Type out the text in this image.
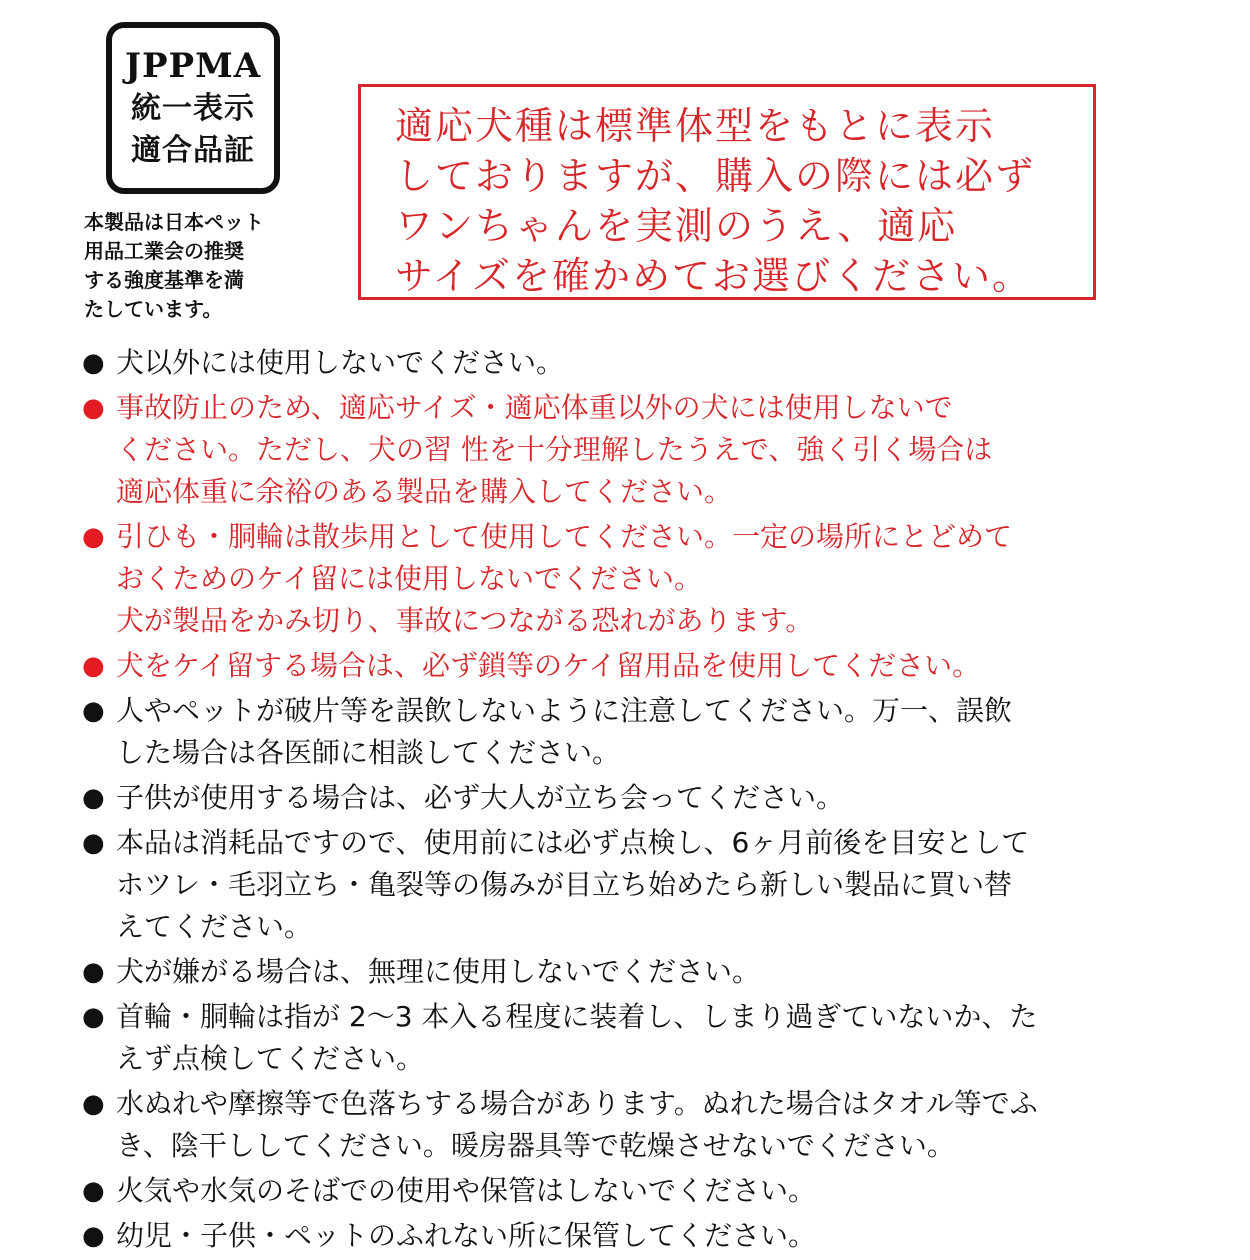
JPPMA
統一表示
適合品証
本製品は日本ペット
用品工業会の推奨
する強度基準を満
たしています。
適応犬種は標準体型をもとに表示
しておりますが、購入の際には必ず
ワンちゃんを実測のうえ、適応
サイズを確かめてお選びください。
● 犬以外には使用しないでください。
● 事故防止のため、適応サイズ・適応体重以外の犬には使用しないで
ください。ただし、犬の習 性を十分理解したうえで、強く引く場合は
適応体重に余裕のある製品を購入してください。
● 引ひも・胴輪は散歩用として使用してください。一定の場所にとどめて
おくためのケイ留には使用しないでください。
犬が製品をかみ切り、事故につながる恐れがあります。
● 犬をケイ留する場合は、必ず鎖等のケイ留用品を使用してください。
● 人やペットが破片等を誤飲しないように注意してください。万一、誤飲
した場合は各医師に相談してください。
● 子供が使用する場合は、必ず大人が立ち会ってください。
● 本品は消耗品ですので、使用前には必ず点検し、6ヶ月前後を目安として
ホツレ・毛羽立ち・亀裂等の傷みが目立ち始めたら新しい製品に買い替
えてください。
● 犬が嫌がる場合は、無理に使用しないでください。
● 首輪・胴輪は指が 2〜3 本入る程度に装着し、しまり過ぎていないか、た
えず点検してください。
● 水ぬれや摩擦等で色落ちする場合があります。ぬれた場合はタオル等でふ
き、陰干ししてください。暖房器具等で乾燥させないでください。
● 火気や水気のそばでの使用や保管はしないでください。
● 幼児・子供・ペットのふれない所に保管してください。
